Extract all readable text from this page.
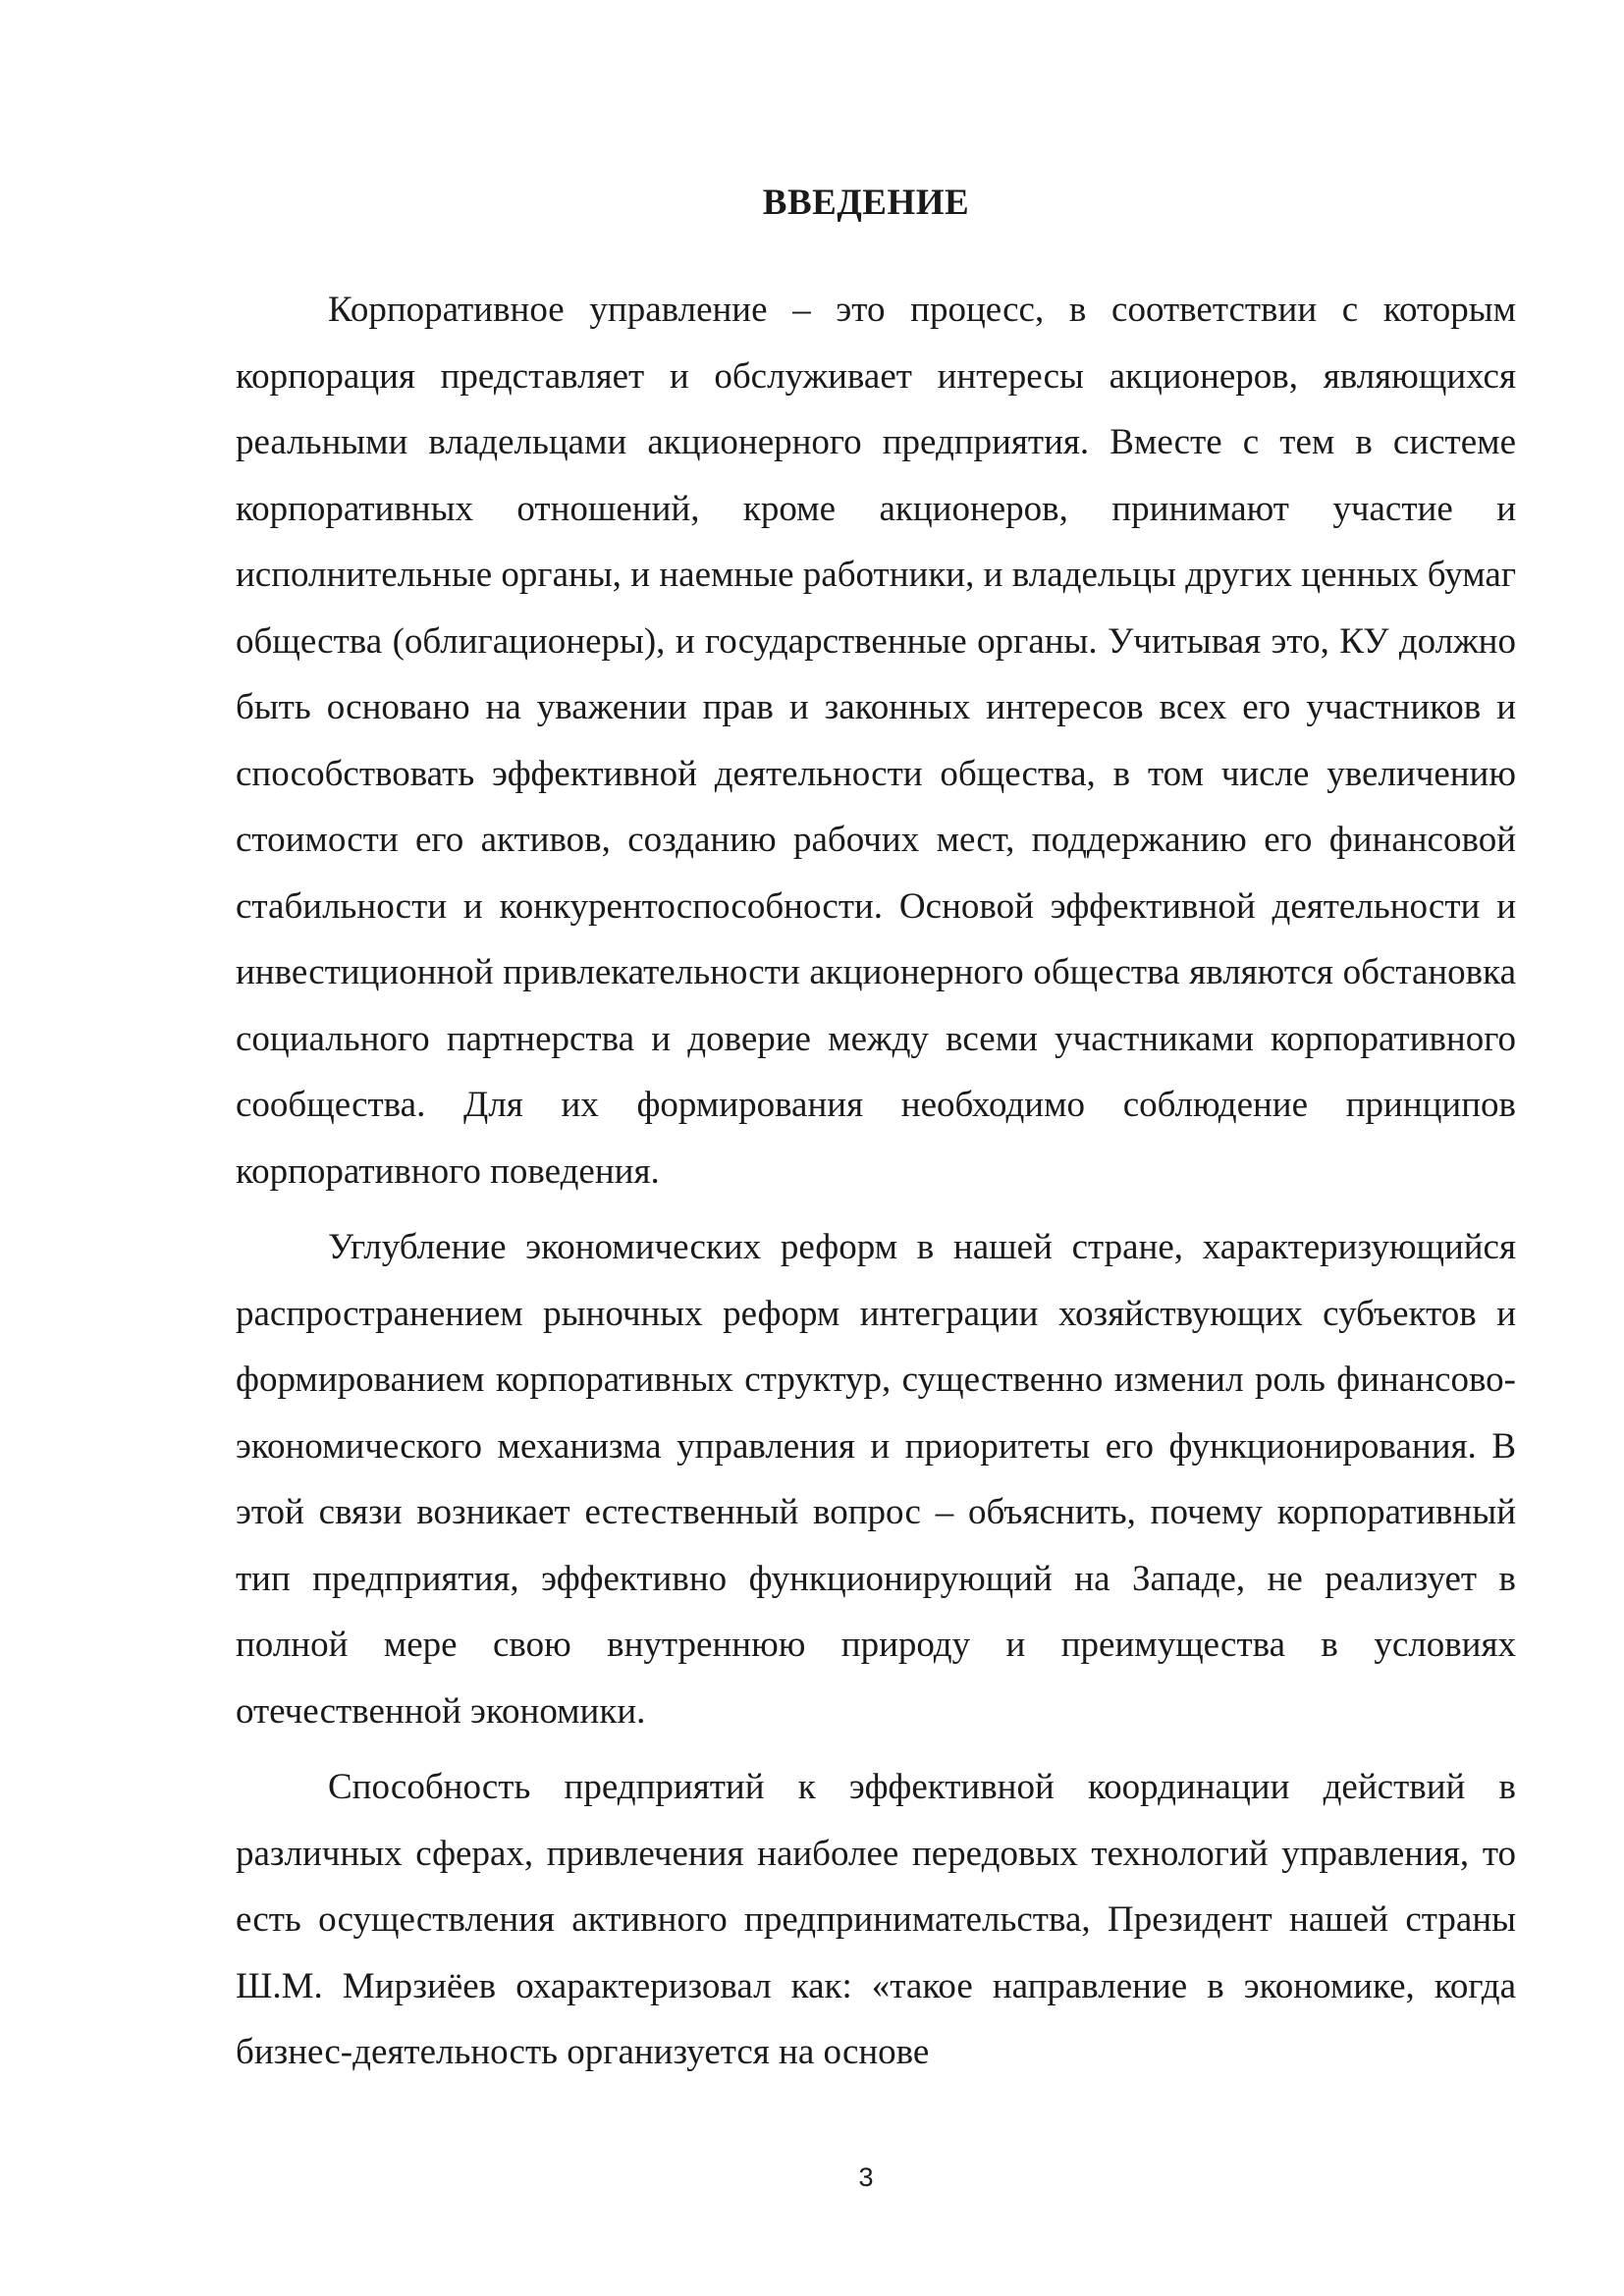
ВВЕДЕНИЕ

Корпоративное управление – это процесс, в соответствии с которым корпорация представляет и обслуживает интересы акционеров, являющихся реальными владельцами акционерного предприятия. Вместе с тем в системе корпоративных отношений, кроме акционеров, принимают участие и исполнительные органы, и наемные работники, и владельцы других ценных бумаг общества (облигационеры), и государственные органы. Учитывая это, КУ должно быть основано на уважении прав и законных интересов всех его участников и способствовать эффективной деятельности общества, в том числе увеличению стоимости его активов, созданию рабочих мест, поддержанию его финансовой стабильности и конкурентоспособности. Основой эффективной деятельности и инвестиционной привлекательности акционерного общества являются обстановка социального партнерства и доверие между всеми участниками корпоративного сообщества. Для их формирования необходимо соблюдение принципов корпоративного поведения.

Углубление экономических реформ в нашей стране, характеризующийся распространением рыночных реформ интеграции хозяйствующих субъектов и формированием корпоративных структур, существенно изменил роль финансово-экономического механизма управления и приоритеты его функционирования. В этой связи возникает естественный вопрос – объяснить, почему корпоративный тип предприятия, эффективно функционирующий на Западе, не реализует в полной мере свою внутреннюю природу и преимущества в условиях отечественной экономики.

Способность предприятий к эффективной координации действий в различных сферах, привлечения наиболее передовых технологий управления, то есть осуществления активного предпринимательства, Президент нашей страны Ш.М. Мирзиёев охарактеризовал как: «такое направление в экономике, когда бизнес-деятельность организуется на основе

3
